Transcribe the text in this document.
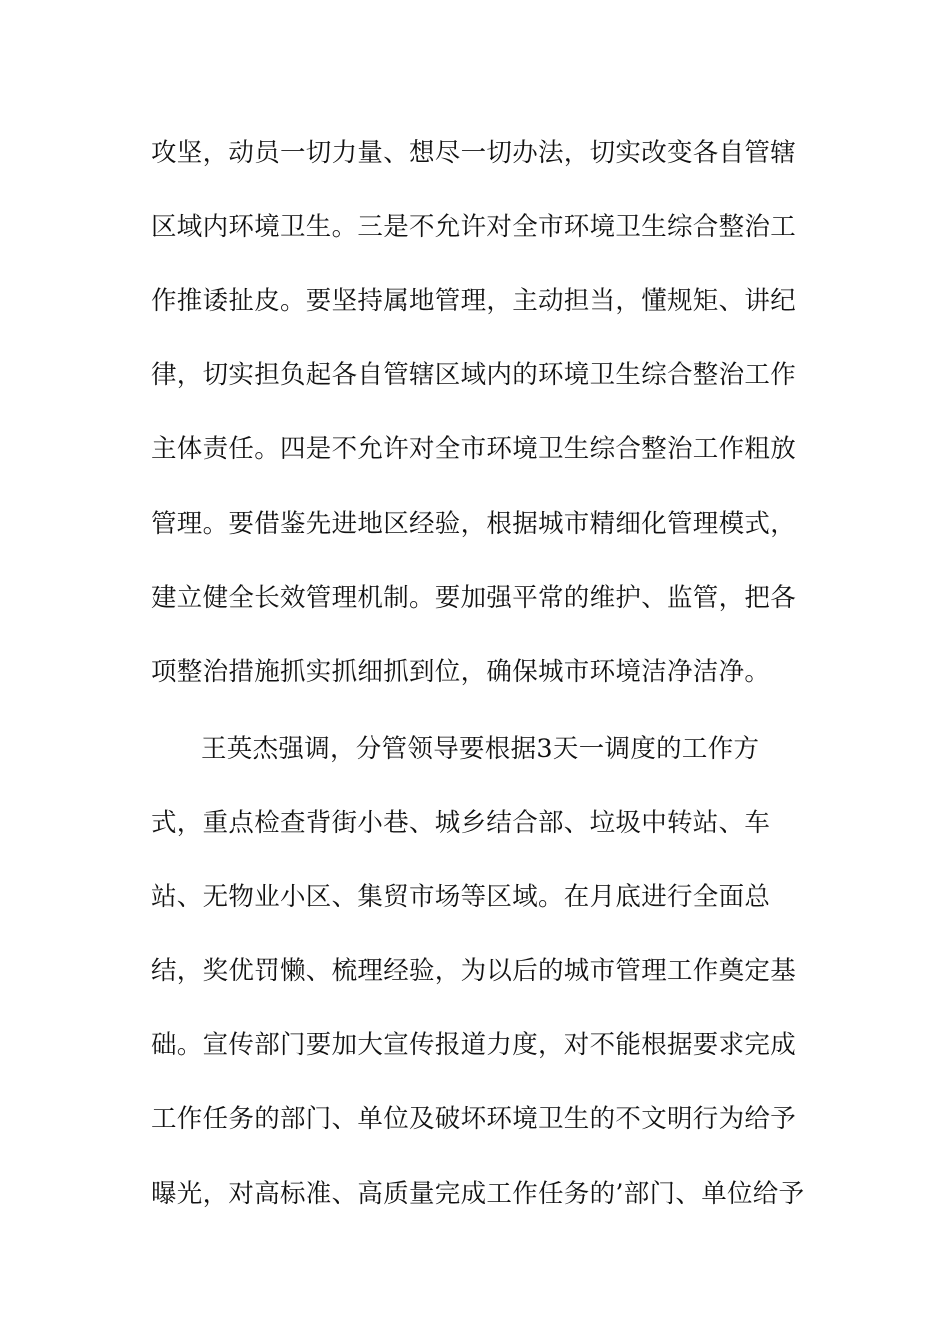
攻坚，动员一切力量、想尽一切办法，切实改变各自管辖
区域内环境卫生。三是不允许对全市环境卫生综合整治工
作推诿扯皮。要坚持属地管理，主动担当，懂规矩、讲纪
律，切实担负起各自管辖区域内的环境卫生综合整治工作
主体责任。四是不允许对全市环境卫生综合整治工作粗放
管理。要借鉴先进地区经验，根据城市精细化管理模式，
建立健全长效管理机制。要加强平常的维护、监管，把各
项整治措施抓实抓细抓到位，确保城市环境洁净洁净。
王英杰强调，分管领导要根据3天一调度的工作方
式，重点检查背街小巷、城乡结合部、垃圾中转站、车
站、无物业小区、集贸市场等区域。在月底进行全面总
结，奖优罚懒、梳理经验，为以后的城市管理工作奠定基
础。宣传部门要加大宣传报道力度，对不能根据要求完成
工作任务的部门、单位及破坏环境卫生的不文明行为给予
曝光，对高标准、高质量完成工作任务的’部门、单位给予
